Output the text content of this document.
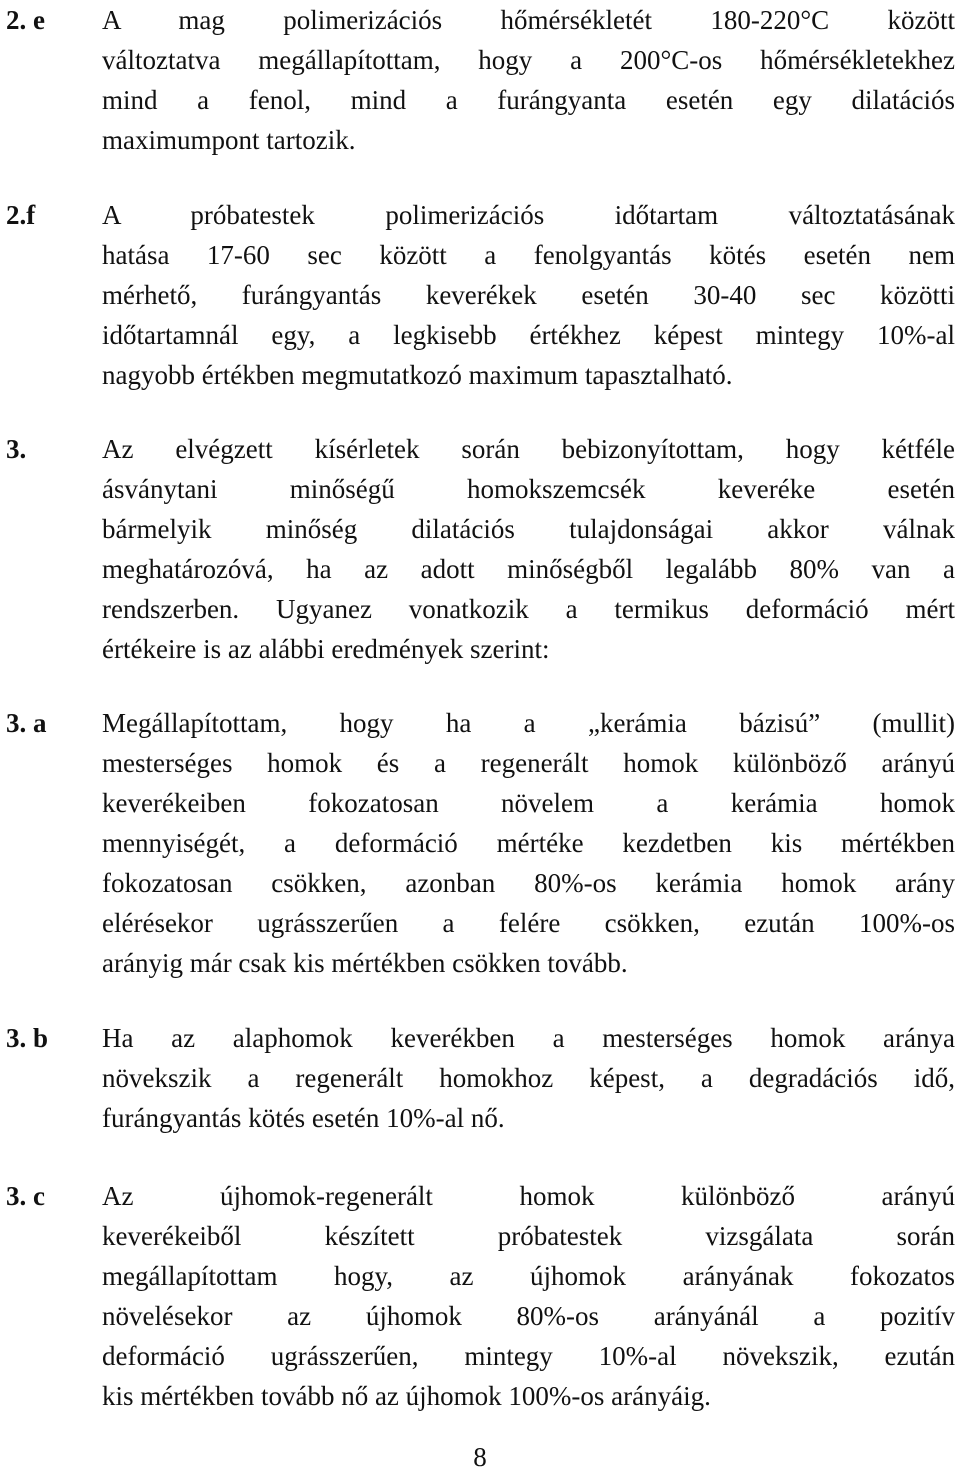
2. e A mag polimerizációs hőmérsékletét 180-220°C között
változtatva megállapítottam, hogy a 200°C-os hőmérsékletekhez
mind a fenol, mind a furángyanta esetén egy dilatációs
maximumpont tartozik.
2.f A próbatestek polimerizációs időtartam változtatásának
hatása 17-60 sec között a fenolgyantás kötés esetén nem
mérhető, furángyantás keverékek esetén 30-40 sec közötti
időtartamnál egy, a legkisebb értékhez képest mintegy 10%-al
nagyobb értékben megmutatkozó maximum tapasztalható.
3.	Az elvégzett kísérletek során bebizonyítottam, hogy kétféle
ásványtani minőségű homokszemcsék keveréke esetén
bármelyik minőség dilatációs tulajdonságai akkor válnak
meghatározóvá, ha az adott minőségből legalább 80% van a
rendszerben. Ugyanez vonatkozik a termikus deformáció mért
értékeire is az alábbi eredmények szerint:
3. a Megállapítottam, hogy ha a „kerámia bázisú” (mullit)
mesterséges homok és a regenerált homok különböző arányú
keverékeiben fokozatosan növelem a kerámia homok
mennyiségét, a deformáció mértéke kezdetben kis mértékben
fokozatosan csökken, azonban 80%-os kerámia homok arány
elérésekor ugrásszerűen a felére csökken, ezután 100%-os
arányig már csak kis mértékben csökken tovább.
3. b Ha az alaphomok keverékben a mesterséges homok aránya
növekszik a regenerált homokhoz képest, a degradációs idő,
furángyantás kötés esetén 10%-al nő.
3. c Az újhomok-regenerált homok különböző arányú
keverékeiből készített próbatestek vizsgálata során
megállapítottam hogy, az újhomok arányának fokozatos
növelésekor az újhomok 80%-os arányánál a pozitív
deformáció ugrásszerűen, mintegy 10%-al növekszik, ezután
kis mértékben tovább nő az újhomok 100%-os arányáig.
8
